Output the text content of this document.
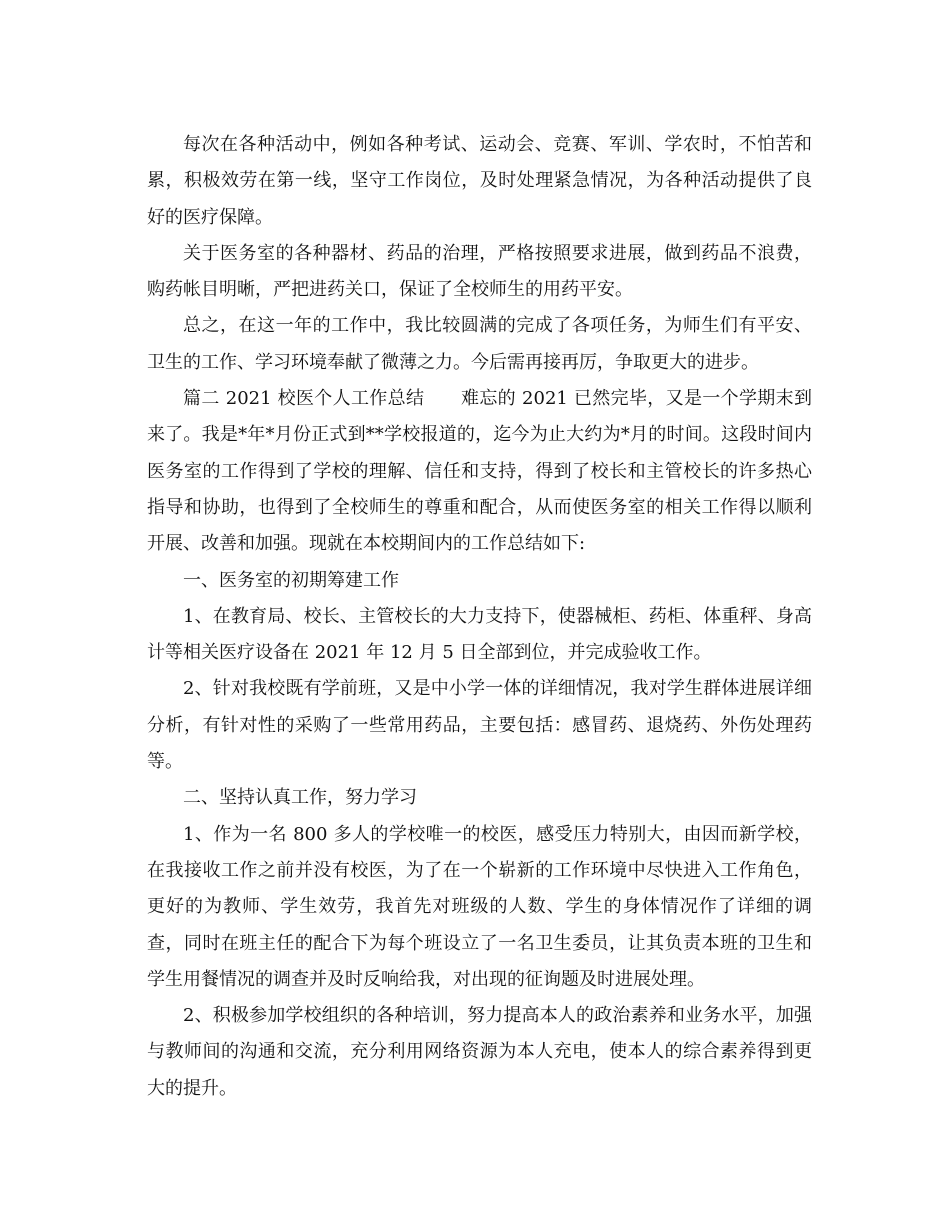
每次在各种活动中，例如各种考试、运动会、竞赛、军训、学农时，不怕苦和累，积极效劳在第一线，坚守工作岗位，及时处理紧急情况，为各种活动提供了良好的医疗保障。

关于医务室的各种器材、药品的治理，严格按照要求进展，做到药品不浪费，购药帐目明晰，严把进药关口，保证了全校师生的用药平安。

总之，在这一年的工作中，我比较圆满的完成了各项任务，为师生们有平安、卫生的工作、学习环境奉献了微薄之力。今后需再接再厉，争取更大的进步。

篇二 2021 校医个人工作总结　　难忘的 2021 已然完毕，又是一个学期末到来了。我是*年*月份正式到**学校报道的，迄今为止大约为*月的时间。这段时间内医务室的工作得到了学校的理解、信任和支持，得到了校长和主管校长的许多热心指导和协助，也得到了全校师生的尊重和配合，从而使医务室的相关工作得以顺利开展、改善和加强。现就在本校期间内的工作总结如下:

一、医务室的初期筹建工作

1、在教育局、校长、主管校长的大力支持下，使器械柜、药柜、体重秤、身高计等相关医疗设备在 2021 年 12 月 5 日全部到位，并完成验收工作。

2、针对我校既有学前班，又是中小学一体的详细情况，我对学生群体进展详细分析，有针对性的采购了一些常用药品，主要包括：感冒药、退烧药、外伤处理药等。

二、坚持认真工作，努力学习

1、作为一名 800 多人的学校唯一的校医，感受压力特别大，由因而新学校，在我接收工作之前并没有校医，为了在一个崭新的工作环境中尽快进入工作角色，更好的为教师、学生效劳，我首先对班级的人数、学生的身体情况作了详细的调查，同时在班主任的配合下为每个班设立了一名卫生委员，让其负责本班的卫生和学生用餐情况的调查并及时反响给我，对出现的征询题及时进展处理。

2、积极参加学校组织的各种培训，努力提高本人的政治素养和业务水平，加强与教师间的沟通和交流，充分利用网络资源为本人充电，使本人的综合素养得到更大的提升。
